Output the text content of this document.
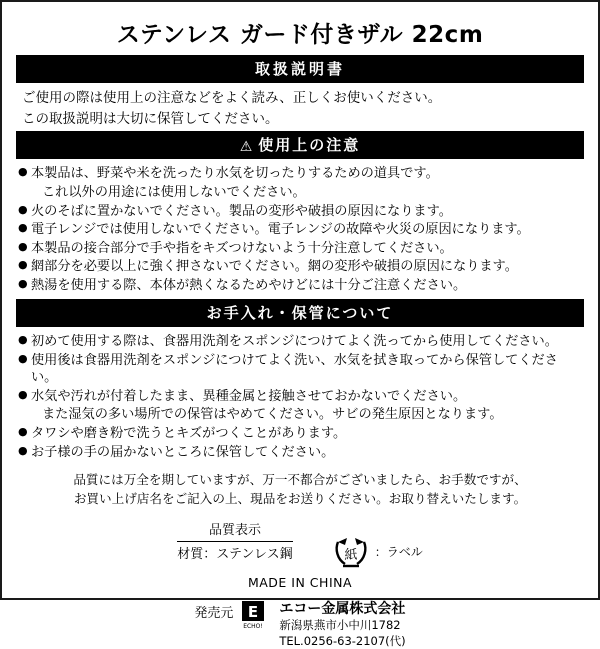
ステンレス ガード付きザル 22cm
取扱説明書

ご使用の際は使用上の注意などをよく読み、正しくお使いください。

この取扱説明は大切に保管してください。

⚠ 使用上の注意
● 本製品は、野菜や米を洗ったり水気を切ったりするための道具です。
これ以外の用途には使用しないでください。
● 火のそばに置かないでください。製品の変形や破損の原因になります。
● 電子レンジでは使用しないでください。電子レンジの故障や火災の原因になります。
● 本製品の接合部分で手や指をキズつけないよう十分注意してください。
● 網部分を必要以上に強く押さないでください。網の変形や破損の原因になります。
● 熱湯を使用する際、本体が熱くなるためやけどには十分ご注意ください。
お手入れ・保管について
● 初めて使用する際は、食器用洗剤をスポンジにつけてよく洗ってから使用してください。
● 使用後は食器用洗剤をスポンジにつけてよく洗い、水気を拭き取ってから保管してください。
● 水気や汚れが付着したまま、異種金属と接触させておかないでください。
また湿気の多い場所での保管はやめてください。サビの発生原因となります。
● タワシや磨き粉で洗うとキズがつくことがあります。
● お子様の手の届かないところに保管してください。

品質には万全を期していますが、万一不都合がございましたら、お手数ですが、

お買い上げ店名をご記入の上、現品をお送りください。お取り替えいたします。

品質表示
材質：ステンレス鋼	紙 ：ラベル
MADE IN CHINA
発売元 E
ECHO!
エコー金属株式会社
新潟県燕市小中川1782
TEL.0256-63-2107(代)
